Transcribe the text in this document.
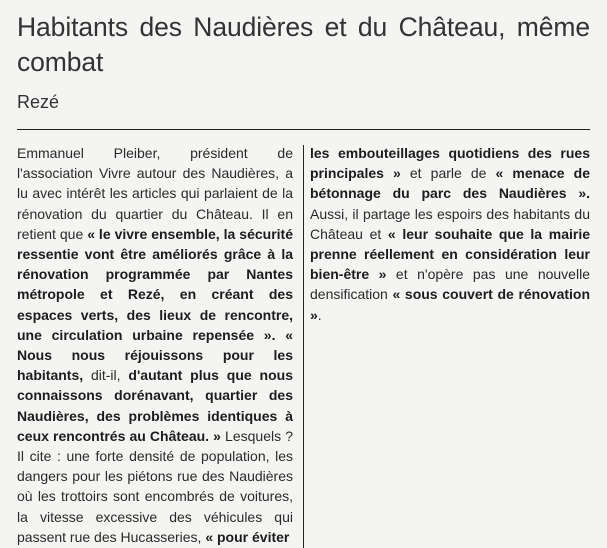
Habitants des Naudières et du Château, même combat
Rezé

Emmanuel Pleiber, président de l'association Vivre autour des Naudières, a lu avec intérêt les articles qui parlaient de la rénovation du quartier du Château. Il en retient que « le vivre ensemble, la sécurité ressentie vont être améliorés grâce à la rénovation programmée par Nantes métropole et Rezé, en créant des espaces verts, des lieux de rencontre, une circulation urbaine repensée ». « Nous nous réjouissons pour les habitants, dit-il, d'autant plus que nous connaissons dorénavant, quartier des Naudières, des problèmes identiques à ceux rencontrés au Château. » Lesquels ? Il cite : une forte densité de population, les dangers pour les piétons rue des Naudières où les trottoirs sont encombrés de voitures, la vitesse excessive des véhicules qui passent rue des Hucasseries, « pour éviter

les embouteillages quotidiens des rues principales » et parle de « menace de bétonnage du parc des Naudières ». Aussi, il partage les espoirs des habitants du Château et « leur souhaite que la mairie prenne réellement en considération leur bien-être » et n'opère pas une nouvelle densification « sous couvert de rénovation ».
